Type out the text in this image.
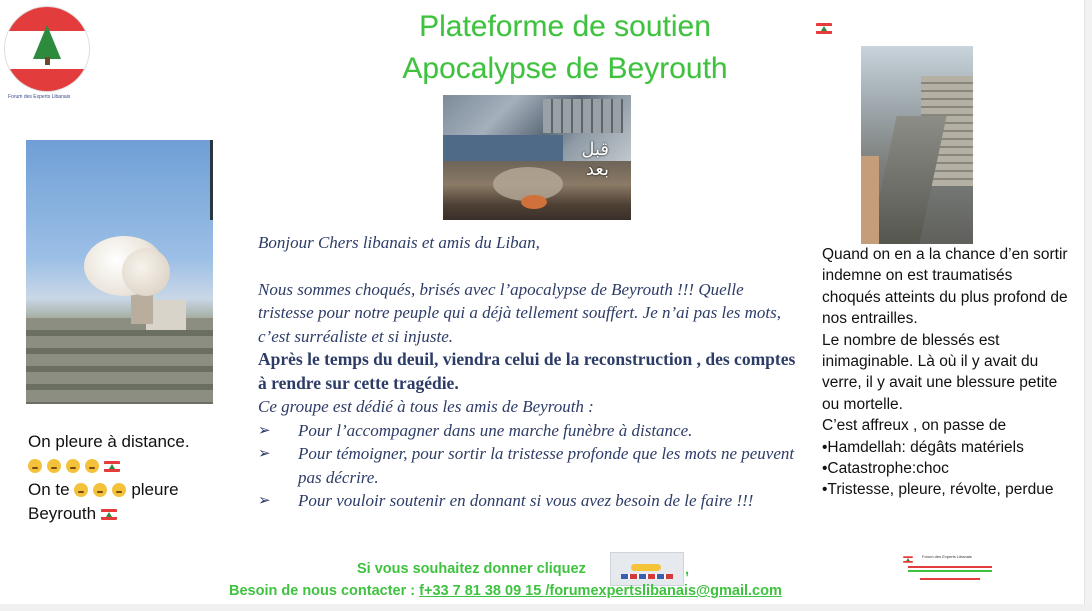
Forum des Experts Libanais
Plateforme de soutien
Apocalypse de Beyrouth
قبل
بعد

Bonjour Chers libanais et amis du Liban,

Nous sommes choqués, brisés avec l’apocalypse de Beyrouth !!! Quelle tristesse pour notre peuple qui a déjà tellement souffert. Je n’ai pas les mots, c’est surréaliste et si injuste.

Après le temps du deuil, viendra celui de la reconstruction , des comptes à rendre sur cette tragédie.

Ce groupe est dédié à tous les amis de Beyrouth :

➢ Pour l’accompagner dans une marche funèbre à distance.
➢ Pour témoigner, pour sortir la tristesse profonde que les mots ne peuvent pas décrire.
➢ Pour vouloir soutenir en donnant si vous avez besoin de le faire !!!
On pleure à distance.
On te	pleure
Beyrouth

Quand on en a la chance d’en sortir indemne on est traumatisés choqués atteints du plus profond de nos entrailles.

Le nombre de blessés est inimaginable. Là où il y avait du verre, il y avait une blessure petite ou mortelle.

C’est affreux , on passe de

•Hamdellah: dégâts matériels

•Catastrophe:choc

•Tristesse, pleure, révolte, perdue

Si vous souhaitez donner cliquez	,
Besoin de nous contacter : f+33 7 81 38 09 15 /forumexpertslibanais@gmail.com
Forum des Experts Libanais
